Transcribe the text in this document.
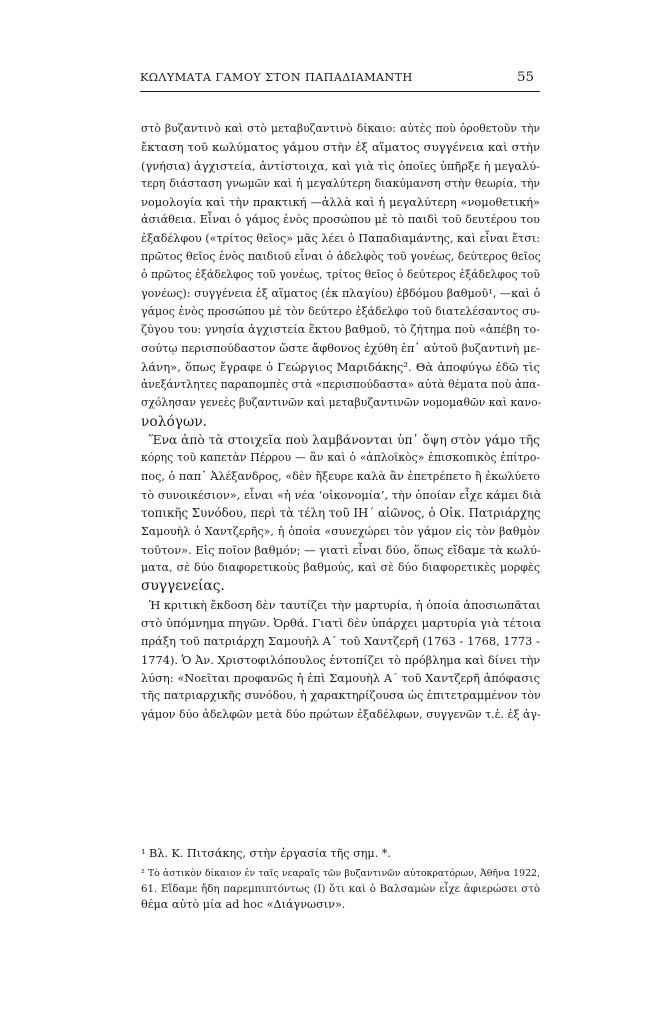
ΚΩΛΥΜΑΤΑ ΓΑΜΟΥ ΣΤΟΝ ΠΑΠΑΔΙΑΜΑΝΤΗ	55
στὸ βυζαντινὸ καὶ στὸ μεταβυζαντινὸ δίκαιο: αὐτὲς ποὺ ὁροθετοῦν τὴν
ἔκταση τοῦ κωλύματος γάμου στὴν ἐξ αἵματος συγγένεια καὶ στὴν
(γνήσια) ἀγχιστεία, ἀντίστοιχα, καὶ γιὰ τὶς ὁποῖες ὑπῆρξε ἡ μεγαλύ-
τερη διάσταση γνωμῶν καὶ ἡ μεγαλύτερη διακύμανση στὴν θεωρία, τὴν
νομολογία καὶ τὴν πρακτική —ἀλλὰ καὶ ἡ μεγαλύτερη «νομοθετική»
ἀσιάθεια. Εἶναι ὁ γάμος ἑνὸς προσώπου μὲ τὸ παιδὶ τοῦ δευτέρου του
ἐξαδέλφου («τρίτος θεῖος» μᾶς λέει ὁ Παπαδιαμάντης, καὶ εἶναι ἔτσι:
πρῶτος θεῖος ἑνὸς παιδιοῦ εἶναι ὁ ἀδελφὸς τοῦ γονέως, δεύτερος θεῖος
ὁ πρῶτος ἐξάδελφος τοῦ γονέως, τρίτος θεῖος ὁ δεύτερος ἐξάδελφος τοῦ
γονέως): συγγένεια ἐξ αἵματος (ἐκ πλαγίου) ἑβδόμου βαθμοῦ¹, —καὶ ὁ
γάμος ἑνὸς προσώπου μὲ τὸν δεύτερο ἐξάδελφο τοῦ διατελέσαντος συ-
ζύγου του: γνησία ἀγχιστεία ἕκτου βαθμοῦ, τὸ ζήτημα ποὺ «ἀπέβη το-
σούτῳ περισπούδαστον ὥστε ἄφθονος ἐχύθη ἐπ᾽ αὐτοῦ βυζαντινὴ με-
λάνη», ὅπως ἔγραφε ὁ Γεώργιος Μαριδάκης². Θὰ ἀποφύγω ἐδῶ τὶς
ἀνεξάντλητες παραπομπὲς στὰ «περισπούδαστα» αὐτὰ θέματα ποὺ ἀπα-
σχόλησαν γενεὲς βυζαντινῶν καὶ μεταβυζαντινῶν νομομαθῶν καὶ κανο-
νολόγων.
Ἕνα ἀπὸ τὰ στοιχεῖα ποὺ λαμβάνονται ὑπ᾽ ὄψη στὸν γάμο τῆς
κόρης τοῦ καπετὰν Πέρρου — ἂν καὶ ὁ «ἀπλοϊκὸς» ἐπισκοπικὸς ἐπίτρο-
πος, ὁ παπ᾽ Ἀλέξανδρος, «δὲν ἤξευρε καλὰ ἂν ἐπετρέπετο ἢ ἐκωλύετο
τὸ συνοικέσιον», εἶναι «ἡ νέα ‘οἰκονομία’, τὴν ὁποίαν εἶχε κάμει διὰ
τοπικῆς Συνόδου, περὶ τὰ τέλη τοῦ ΙΗ´ αἰῶνος, ὁ Οἰκ. Πατριάρχης
Σαμουὴλ ὁ Χαντζερῆς», ἡ ὁποία «συνεχώρει τὸν γάμον εἰς τὸν βαθμὸν
τοῦτον». Εἰς ποῖον βαθμόν; — γιατὶ εἶναι δύο, ὅπως εἴδαμε τὰ κωλύ-
ματα, σὲ δύο διαφορετικοὺς βαθμούς, καὶ σὲ δύο διαφορετικὲς μορφὲς
συγγενείας.
Ἡ κριτικὴ ἔκδοση δὲν ταυτίζει τὴν μαρτυρία, ἡ ὁποία ἀποσιωπᾶται
στὸ ὑπόμνημα πηγῶν. Ὀρθά. Γιατὶ δὲν ὑπάρχει μαρτυρία γιὰ τέτοια
πράξη τοῦ πατριάρχη Σαμουὴλ Α´ τοῦ Χαντζερῆ (1763 - 1768, 1773 -
1774). Ὁ Ἀν. Χριστοφιλόπουλος ἐντοπίζει τὸ πρόβλημα καὶ δίνει τὴν
λύση: «Νοεῖται προφανῶς ἡ ἐπὶ Σαμουὴλ Α´ τοῦ Χαντζερῆ ἀπόφασις
τῆς πατριαρχικῆς συνόδου, ἡ χαρακτηρίζουσα ὡς ἐπιτετραμμένον τὸν
γάμον δύο ἀδελφῶν μετὰ δύο πρώτων ἐξαδέλφων, συγγενῶν τ.ἑ. ἐξ ἀγ-
¹ Βλ. Κ. Πιτσάκης, στὴν ἐργασία τῆς σημ. *.
² Τὸ ἀστικὸν δίκαιον ἐν ταῖς νεαραῖς τῶν βυζαντινῶν αὐτοκρατόρων, Ἀθῆνα 1922,
61. Εἴδαμε ἤδη παρεμπιπτόντως (Ι) ὅτι καὶ ὁ Βαλσαμὼν εἶχε ἀφιερώσει στὸ
θέμα αὐτὸ μία ad hoc «Διάγνωσιν».
